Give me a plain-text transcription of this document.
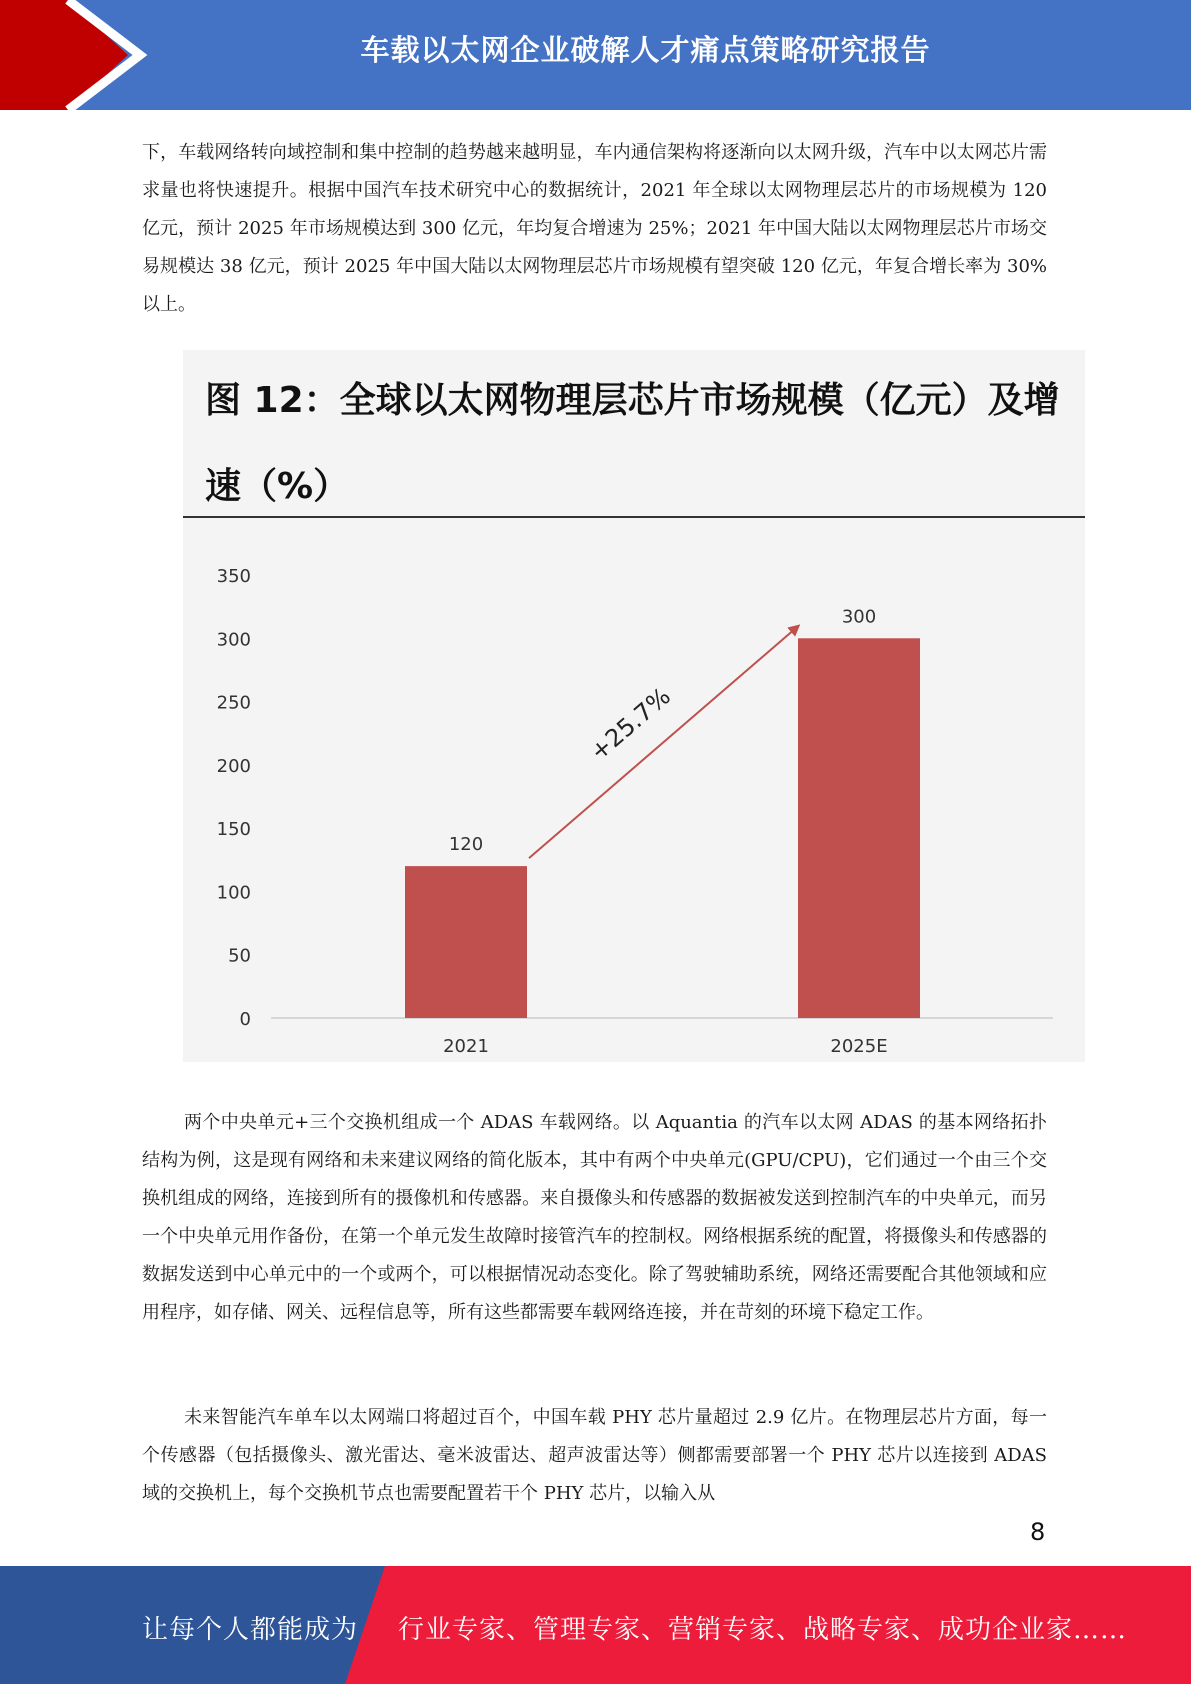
车载以太网企业破解人才痛点策略研究报告

下，车载网络转向域控制和集中控制的趋势越来越明显，车内通信架构将逐渐向以太网升级，汽车中以太网芯片需求量也将快速提升。根据中国汽车技术研究中心的数据统计，2021 年全球以太网物理层芯片的市场规模为 120 亿元，预计 2025 年市场规模达到 300 亿元，年均复合增速为 25%；2021 年中国大陆以太网物理层芯片市场交易规模达 38 亿元，预计 2025 年中国大陆以太网物理层芯片市场规模有望突破 120 亿元，年复合增长率为 30%以上。

图 12：全球以太网物理层芯片市场规模（亿元）及增速（%）
0
50
100
150
200
250
300
350
2021	2025E
120
300
+25.7%

两个中央单元+三个交换机组成一个 ADAS 车载网络。以 Aquantia 的汽车以太网 ADAS 的基本网络拓扑结构为例，这是现有网络和未来建议网络的简化版本，其中有两个中央单元(GPU/CPU)，它们通过一个由三个交换机组成的网络，连接到所有的摄像机和传感器。来自摄像头和传感器的数据被发送到控制汽车的中央单元，而另一个中央单元用作备份，在第一个单元发生故障时接管汽车的控制权。网络根据系统的配置，将摄像头和传感器的数据发送到中心单元中的一个或两个，可以根据情况动态变化。除了驾驶辅助系统，网络还需要配合其他领域和应用程序，如存储、网关、远程信息等，所有这些都需要车载网络连接，并在苛刻的环境下稳定工作。

未来智能汽车单车以太网端口将超过百个，中国车载 PHY 芯片量超过 2.9 亿片。在物理层芯片方面，每一个传感器（包括摄像头、激光雷达、毫米波雷达、超声波雷达等）侧都需要部署一个 PHY 芯片以连接到 ADAS 域的交换机上，每个交换机节点也需要配置若干个 PHY 芯片，以输入从

8
让每个人都能成为 行业专家、管理专家、营销专家、战略专家、成功企业家……
